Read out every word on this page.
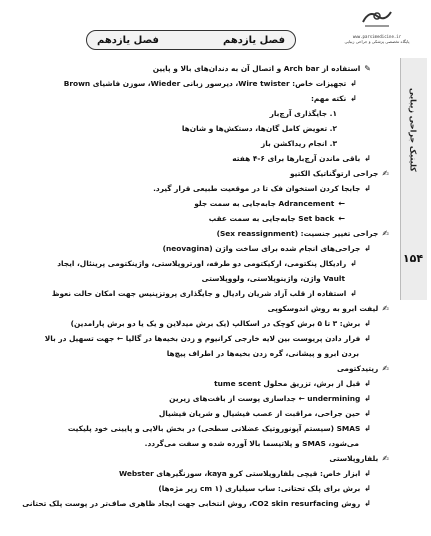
www.parsimedicine.ir
پایگاه تخصصی پزشکی و جراحی زیبایی
فصل یازدهم
فصل یازدهم
کلینیک جراحی زیبایی
۱۵۴
✎استفاده از Arch bar و اتصال آن به دندان‌های بالا و پایین
↲تجهیزات خاص: Wire twister، دیرسور زبانی Wieder، سوزن فاشیای Brown
↲نکته مهم:
۱. جایگذاری آرچ‌بار
۲. تعویض کامل گان‌ها، دستکش‌ها و شان‌ها
۳. انجام ریداکشن باز
↲باقی ماندن آرچ‌بارها برای ۶-۴ هفته
✍جراحی ارتوگناتیک الکتیو
↲جابجا کردن استخوان فک تا در موقعیت طبیعی قرار گیرد.
←Adrancement جابه‌جایی به سمت جلو
←Set back جابه‌جایی به سمت عقب
✍جراحی تغییر جنسیت: (Sex reassignment)
↲جراحی‌های انجام شده برای ساخت واژن (neovagina)
↲رادیکال پنکتومی، ارکیکتومی دو طرفه، اورتروپلاستی، واژینکتومی پرینئال، ایجاد
Vault واژن، واژینوپلاستی، ولووپلاستی
↲استفاده از قلب آزاد شریان رادیال و جایگذاری پروتزپنیس جهت امکان حالت نعوظ
✍لیفت ابرو به روش اندوسکوپی
↲برش: ۳ تا ۵ برش کوچک در اسکالپ (یک برش میدلاین و یک یا دو برش پارامدین)
↲فرار دادن پریوست بین لایه خارجی کرانیوم و زدن بخیه‌ها در گالیا ← جهت تسهیل در بالا
بردن ابرو و پیشانی، گره زدن بخیه‌ها در اطراف پیچ‌ها
✍ریتیدکتومی
↲قبل از برش، تزریق محلول tume scent
↲undermining ← جداسازی پوست از بافت‌های زیرین
↲حین جراحی، مراقبت از عصب فیشیال و شریان فیشیال
↲SMAS (سیستم آپونوروتیک عضلانی سطحی) در بخش بالایی و پایینی خود پلیکیت
می‌شود، SMAS و پلاتیسما بالا آورده شده و سفت می‌گردد.
✍بلفاروپلاستی
↲ابزار خاص: قیچی بلفاروپلاستی کرو kaya، سوزنگیرهای Webster
↲برش برای پلک تحتانی: ساب سیلیاری (cm ۱ زیر مژه‌ها)
↲روش CO2 skin resurfacing، روش انتخابی جهت ایجاد ظاهری صاف‌تر در پوست پلک تحتانی
